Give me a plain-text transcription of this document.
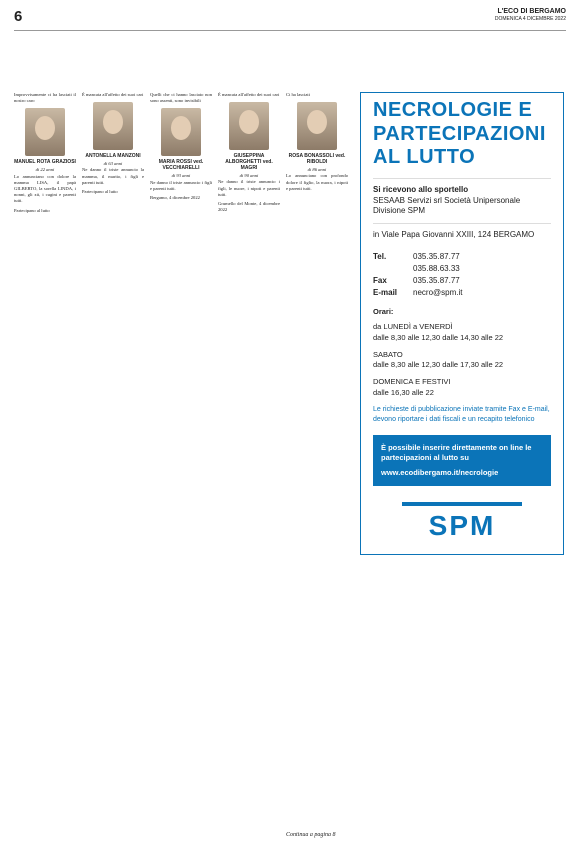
6	L'ECO DI BERGAMO
DOMENICA 4 DICEMBRE 2022

Improvvisamente ci ha lasciati il nostro caro

MANUEL ROTA GRAZIOSI
di 22 anni

Lo annunciano con dolore la mamma LISA, il papà GILBERTO, la sorella LINDA, i nonni, gli zii, i cugini e parenti tutti.

Partecipano al lutto

È mancata all'affetto dei suoi cari

ANTONELLA MANZONI
di 63 anni

Ne danno il triste annuncio la mamma, il marito, i figli e parenti tutti.

Partecipano al lutto

Quelli che ci hanno lasciato non sono assenti, sono invisibili

MARIA ROSSI ved. VECCHIARELLI
di 93 anni

Ne danno il triste annuncio i figli e parenti tutti.

Bergamo, 4 dicembre 2022

È mancata all'affetto dei suoi cari

GIUSEPPINA ALBORGHETTI ved. MAGRI
di 90 anni

Ne danno il triste annuncio i figli, le nuore, i nipoti e parenti tutti.

Grumello del Monte, 4 dicembre 2022

Ci ha lasciati

ROSA BONASSOLI ved. RIBOLDI
di 86 anni

Lo annunciano con profondo dolore il figlio, la nuora, i nipoti e parenti tutti.

Continua a pagina 8
NECROLOGIE E PARTECIPAZIONI AL LUTTO
Si ricevono allo sportello
SESAAB Servizi srl Società Unipersonale Divisione SPM
in Viale Papa Giovanni XXIII, 124 BERGAMO
Tel.	035.35.87.77
035.88.63.33
Fax	035.35.87.77
E-mail necro@spm.it
Orari:
da LUNEDÌ a VENERDÌ
dalle 8,30 alle 12,30 dalle 14,30 alle 22
SABATO
dalle 8,30 alle 12,30 dalle 17,30 alle 22
DOMENICA E FESTIVI
dalle 16,30 alle 22
Le richieste di pubblicazione inviate tramite Fax e E-mail, devono riportare i dati fiscali e un recapito telefonico
È possibile inserire direttamente on line le partecipazioni al lutto su
www.ecodibergamo.it/necrologie
SPM
